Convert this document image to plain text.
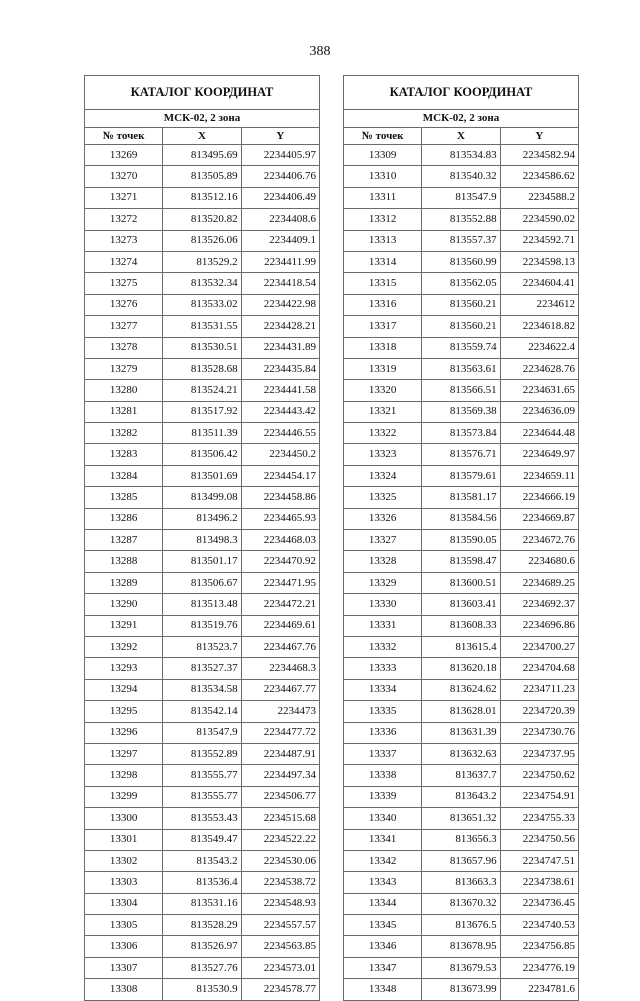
388
КАТАЛОГ КООРДИНАТ		
МСК-02, 2 зона		
№ точек	X	Y
13269	813495.69	2234405.97
13270	813505.89	2234406.76
13271	813512.16	2234406.49
13272	813520.82	2234408.6
13273	813526.06	2234409.1
13274	813529.2	2234411.99
13275	813532.34	2234418.54
13276	813533.02	2234422.98
13277	813531.55	2234428.21
13278	813530.51	2234431.89
13279	813528.68	2234435.84
13280	813524.21	2234441.58
13281	813517.92	2234443.42
13282	813511.39	2234446.55
13283	813506.42	2234450.2
13284	813501.69	2234454.17
13285	813499.08	2234458.86
13286	813496.2	2234465.93
13287	813498.3	2234468.03
13288	813501.17	2234470.92
13289	813506.67	2234471.95
13290	813513.48	2234472.21
13291	813519.76	2234469.61
13292	813523.7	2234467.76
13293	813527.37	2234468.3
13294	813534.58	2234467.77
13295	813542.14	2234473
13296	813547.9	2234477.72
13297	813552.89	2234487.91
13298	813555.77	2234497.34
13299	813555.77	2234506.77
13300	813553.43	2234515.68
13301	813549.47	2234522.22
13302	813543.2	2234530.06
13303	813536.4	2234538.72
13304	813531.16	2234548.93
13305	813528.29	2234557.57
13306	813526.97	2234563.85
13307	813527.76	2234573.01
13308	813530.9	2234578.77
КАТАЛОГ КООРДИНАТ		
МСК-02, 2 зона		
№ точек	X	Y
13309	813534.83	2234582.94
13310	813540.32	2234586.62
13311	813547.9	2234588.2
13312	813552.88	2234590.02
13313	813557.37	2234592.71
13314	813560.99	2234598.13
13315	813562.05	2234604.41
13316	813560.21	2234612
13317	813560.21	2234618.82
13318	813559.74	2234622.4
13319	813563.61	2234628.76
13320	813566.51	2234631.65
13321	813569.38	2234636.09
13322	813573.84	2234644.48
13323	813576.71	2234649.97
13324	813579.61	2234659.11
13325	813581.17	2234666.19
13326	813584.56	2234669.87
13327	813590.05	2234672.76
13328	813598.47	2234680.6
13329	813600.51	2234689.25
13330	813603.41	2234692.37
13331	813608.33	2234696.86
13332	813615.4	2234700.27
13333	813620.18	2234704.68
13334	813624.62	2234711.23
13335	813628.01	2234720.39
13336	813631.39	2234730.76
13337	813632.63	2234737.95
13338	813637.7	2234750.62
13339	813643.2	2234754.91
13340	813651.32	2234755.33
13341	813656.3	2234750.56
13342	813657.96	2234747.51
13343	813663.3	2234738.61
13344	813670.32	2234736.45
13345	813676.5	2234740.53
13346	813678.95	2234756.85
13347	813679.53	2234776.19
13348	813673.99	2234781.6
